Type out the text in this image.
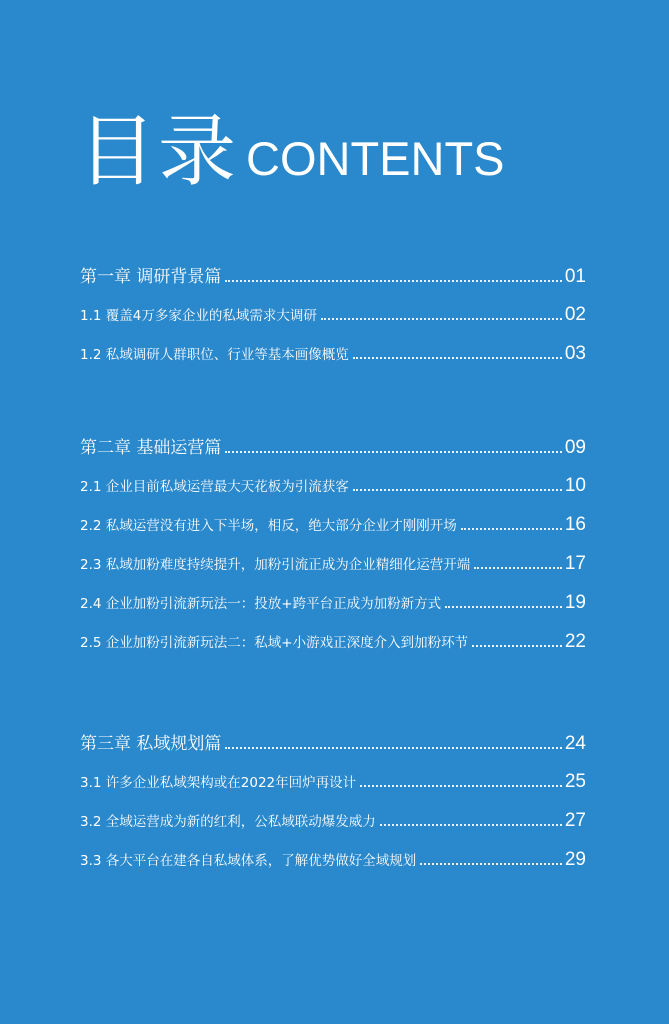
目录 CONTENTS
第一章 调研背景篇	01
1.1 覆盖4万多家企业的私域需求大调研	02
1.2 私域调研人群职位、行业等基本画像概览	03
第二章 基础运营篇	09
2.1 企业目前私域运营最大天花板为引流获客	10
2.2 私域运营没有进入下半场，相反，绝大部分企业才刚刚开场	16
2.3 私域加粉难度持续提升，加粉引流正成为企业精细化运营开端	17
2.4 企业加粉引流新玩法一：投放+跨平台正成为加粉新方式	19
2.5 企业加粉引流新玩法二：私域+小游戏正深度介入到加粉环节	22
第三章 私域规划篇	24
3.1 许多企业私域架构或在2022年回炉再设计	25
3.2 全域运营成为新的红利，公私域联动爆发威力	27
3.3 各大平台在建各自私域体系，了解优势做好全域规划	29
